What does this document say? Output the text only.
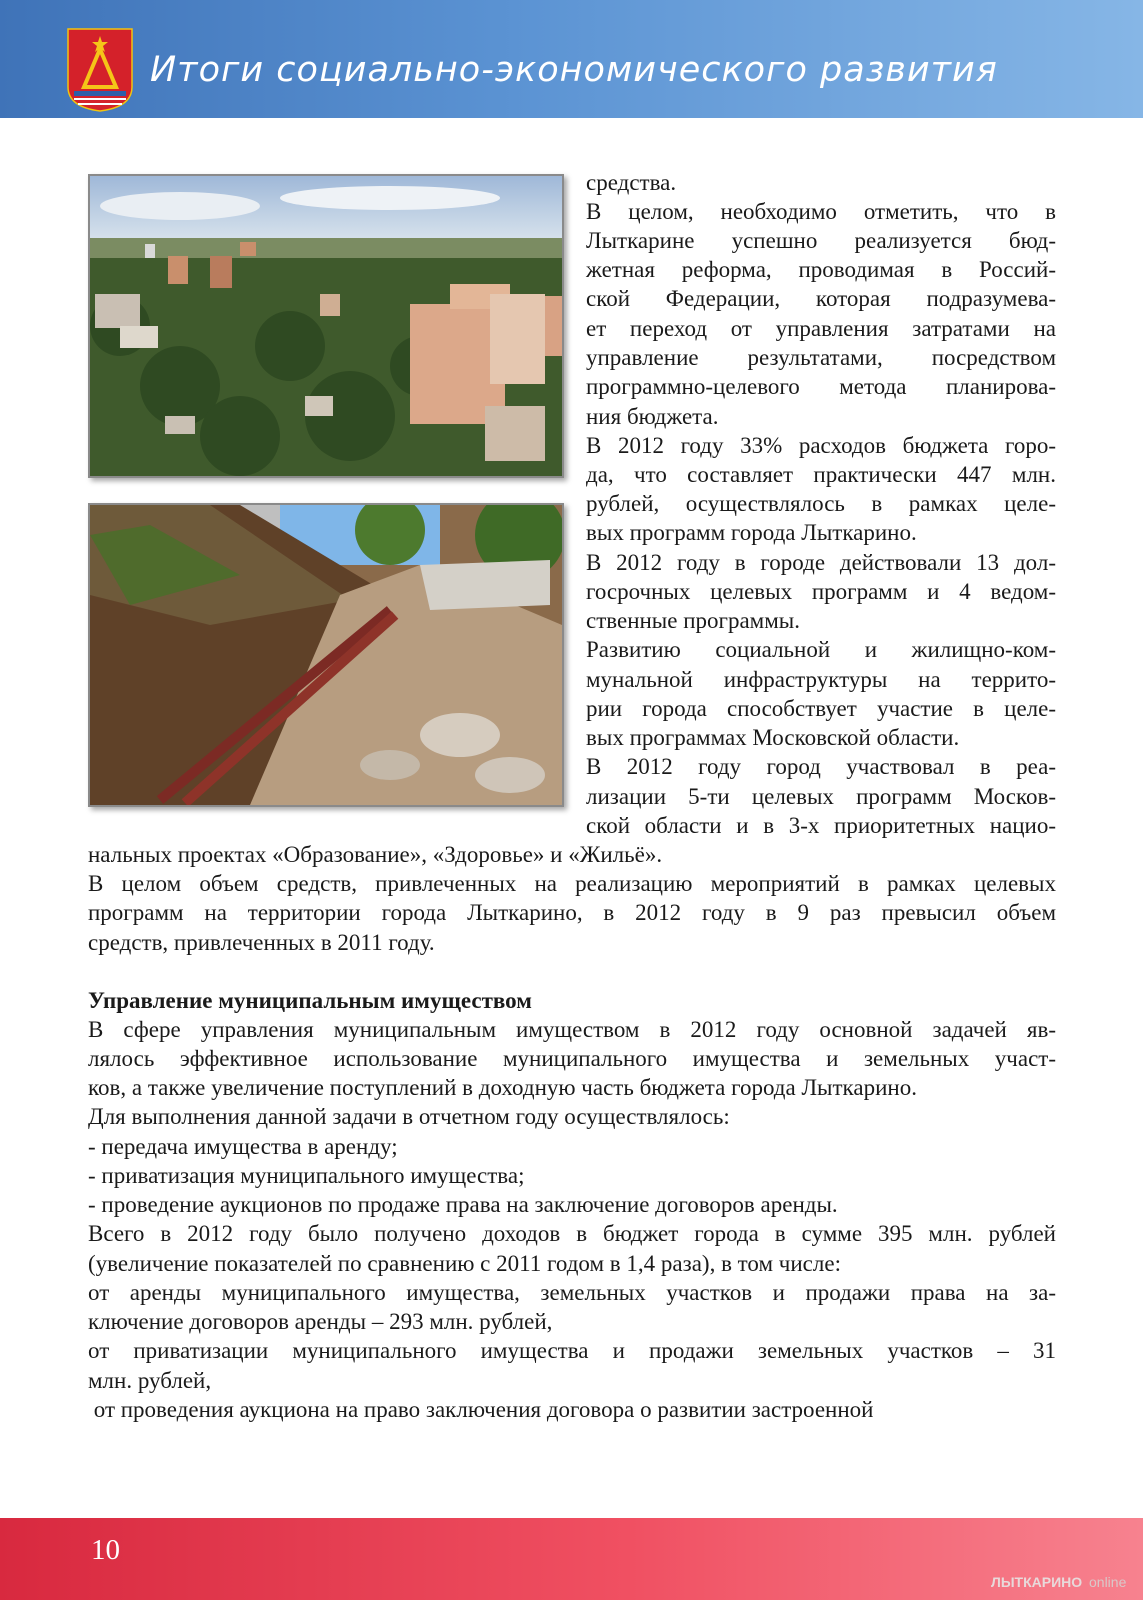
Итоги социально-экономического развития

средства.

В целом, необходимо отметить, что в

Лыткарине успешно реализуется бюд-

жетная реформа, проводимая в Россий-

ской Федерации, которая подразумева-

ет переход от управления затратами на

управление результатами, посредством

программно-целевого метода планирова-

ния бюджета.

В 2012 году 33% расходов бюджета горо-

да, что составляет практически 447 млн.

рублей, осуществлялось в рамках целе-

вых программ города Лыткарино.

В 2012 году в городе действовали 13 дол-

госрочных целевых программ и 4 ведом-

ственные программы.

Развитию социальной и жилищно-ком-

мунальной инфраструктуры на террито-

рии города способствует участие в целе-

вых программах Московской области.

В 2012 году город участвовал в реа-

лизации 5-ти целевых программ Москов-

ской области и в 3-х приоритетных нацио-

нальных проектах «Образование», «Здоровье» и «Жильё».

В целом объем средств, привлеченных на реализацию мероприятий в рамках целевых

программ на территории города Лыткарино, в 2012 году в 9 раз превысил объем

средств, привлеченных в 2011 году.

Управление муниципальным имуществом

В сфере управления муниципальным имуществом в 2012 году основной задачей яв-

лялось эффективное использование муниципального имущества и земельных участ-

ков, а также увеличение поступлений в доходную часть бюджета города Лыткарино.

Для выполнения данной задачи в отчетном году осуществлялось:

- передача имущества в аренду;

- приватизация муниципального имущества;

- проведение аукционов по продаже права на заключение договоров аренды.

Всего в 2012 году было получено доходов в бюджет города в сумме 395 млн. рублей

(увеличение показателей по сравнению с 2011 годом в 1,4 раза), в том числе:

от аренды муниципального имущества, земельных участков и продажи права на за-

ключение договоров аренды – 293 млн. рублей,

от приватизации муниципального имущества и продажи земельных участков – 31

млн. рублей,

от проведения аукциона на право заключения договора о развитии застроенной

10

ЛЫТКАРИНО online
